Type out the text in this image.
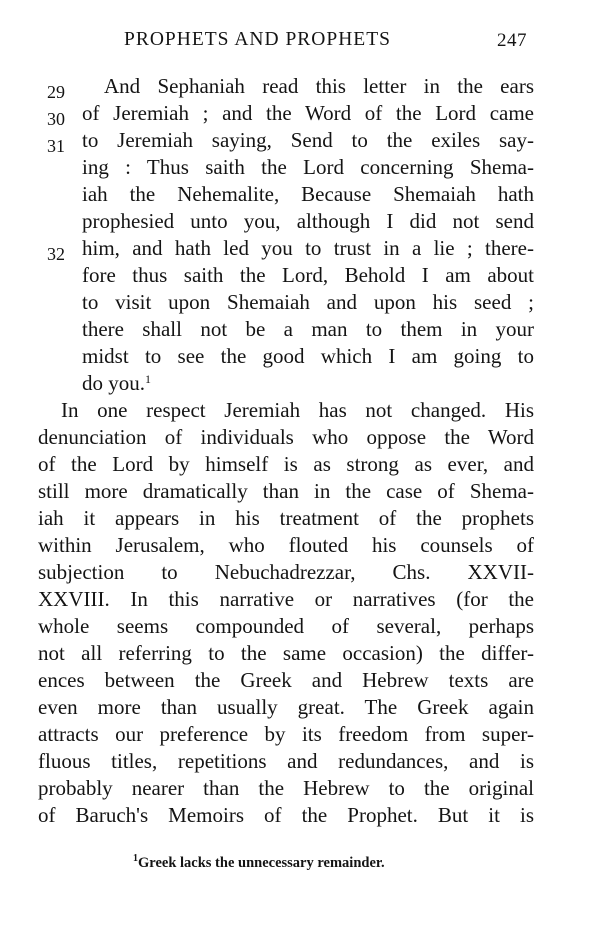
PROPHETS AND PROPHETS	247
29
30
31
32
And Sephaniah read this letter in the ears
of Jeremiah ; and the Word of the Lord came
to Jeremiah saying, Send to the exiles say-
ing : Thus saith the Lord concerning Shema-
iah the Nehemalite, Because Shemaiah hath
prophesied unto you, although I did not send
him, and hath led you to trust in a lie ; there-
fore thus saith the Lord, Behold I am about
to visit upon Shemaiah and upon his seed ;
there shall not be a man to them in your
midst to see the good which I am going to
do you.$^1$
In one respect Jeremiah has not changed. His
denunciation of individuals who oppose the Word
of the Lord by himself is as strong as ever, and
still more dramatically than in the case of Shema-
iah it appears in his treatment of the prophets
within Jerusalem, who flouted his counsels of
subjection to Nebuchadrezzar, Chs. XXVII-
XXVIII. In this narrative or narratives (for the
whole seems compounded of several, perhaps
not all referring to the same occasion) the differ-
ences between the Greek and Hebrew texts are
even more than usually great. The Greek again
attracts our preference by its freedom from super-
fluous titles, repetitions and redundances, and is
probably nearer than the Hebrew to the original
of Baruch's Memoirs of the Prophet. But it is
$^1$Greek lacks the unnecessary remainder.
